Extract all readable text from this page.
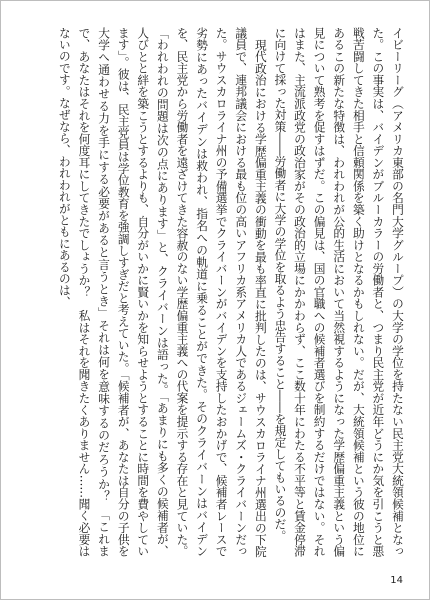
イビーリーグ（アメリカ東部の名門大学グループ）の大学の学位を持たない民主党大統領候補となった。この事実は、バイデンがブルーカラーの労働者と、つまり民主党が近年どうにか気を引こうと悪戦苦闘してきた相手と信頼関係を築く助けとなるかもしれない。だが、大統領候補という彼の地位にあるこの新たな特徴は、われわれが公的生活において当然視するようになった学歴偏重主義という偏見について熟考を促すはずだ。この偏見は、国の官職への候補者選びを制約するだけではない。それはまた、主流派政党の政治家がその政治的立場にかかわらず、ここ数十年にわたる不平等と賃金停滞に向けて採った対策――労働者に大学の学位を取るよう忠告すること――を規定してもいるのだ。

現代政治における学歴偏重主義の衝動を最も率直に批判したのは、サウスカロライナ州選出の下院議員で、連邦議会における最も位の高いアフリカ系アメリカ人であるジェームズ・クライバーンだった。サウスカロライナ州の予備選挙でクライバーンがバイデンを支持したおかげで、候補者レースで劣勢にあったバイデンは救われ、指名への軌道に乗ることができた。そのクライバーンはバイデンを、民主党から労働者を遠ざけてきた容赦のない学歴偏重主義への代案を提示する存在と見ていた。「われわれの問題は次の点にあります」と、クライバーンは語った。「あまりにも多くの候補者が、人びとと絆を築こうとするよりも、自分がいかに賢いかを知らせようとすることに時間を費やしています」。彼は、民主党員は学位教育を強調しすぎだと考えていた。「候補者が、あなたは自分の子供を大学へ通わせる力を手にする必要があると言うとき」それは何を意味するのだろうか？　「これまで、あなたはそれを何度耳にしてきたでしょうか？　私はそれを聞きたくありません……聞く必要はないのです。なぜなら、われわれがともにあるのは、

14
